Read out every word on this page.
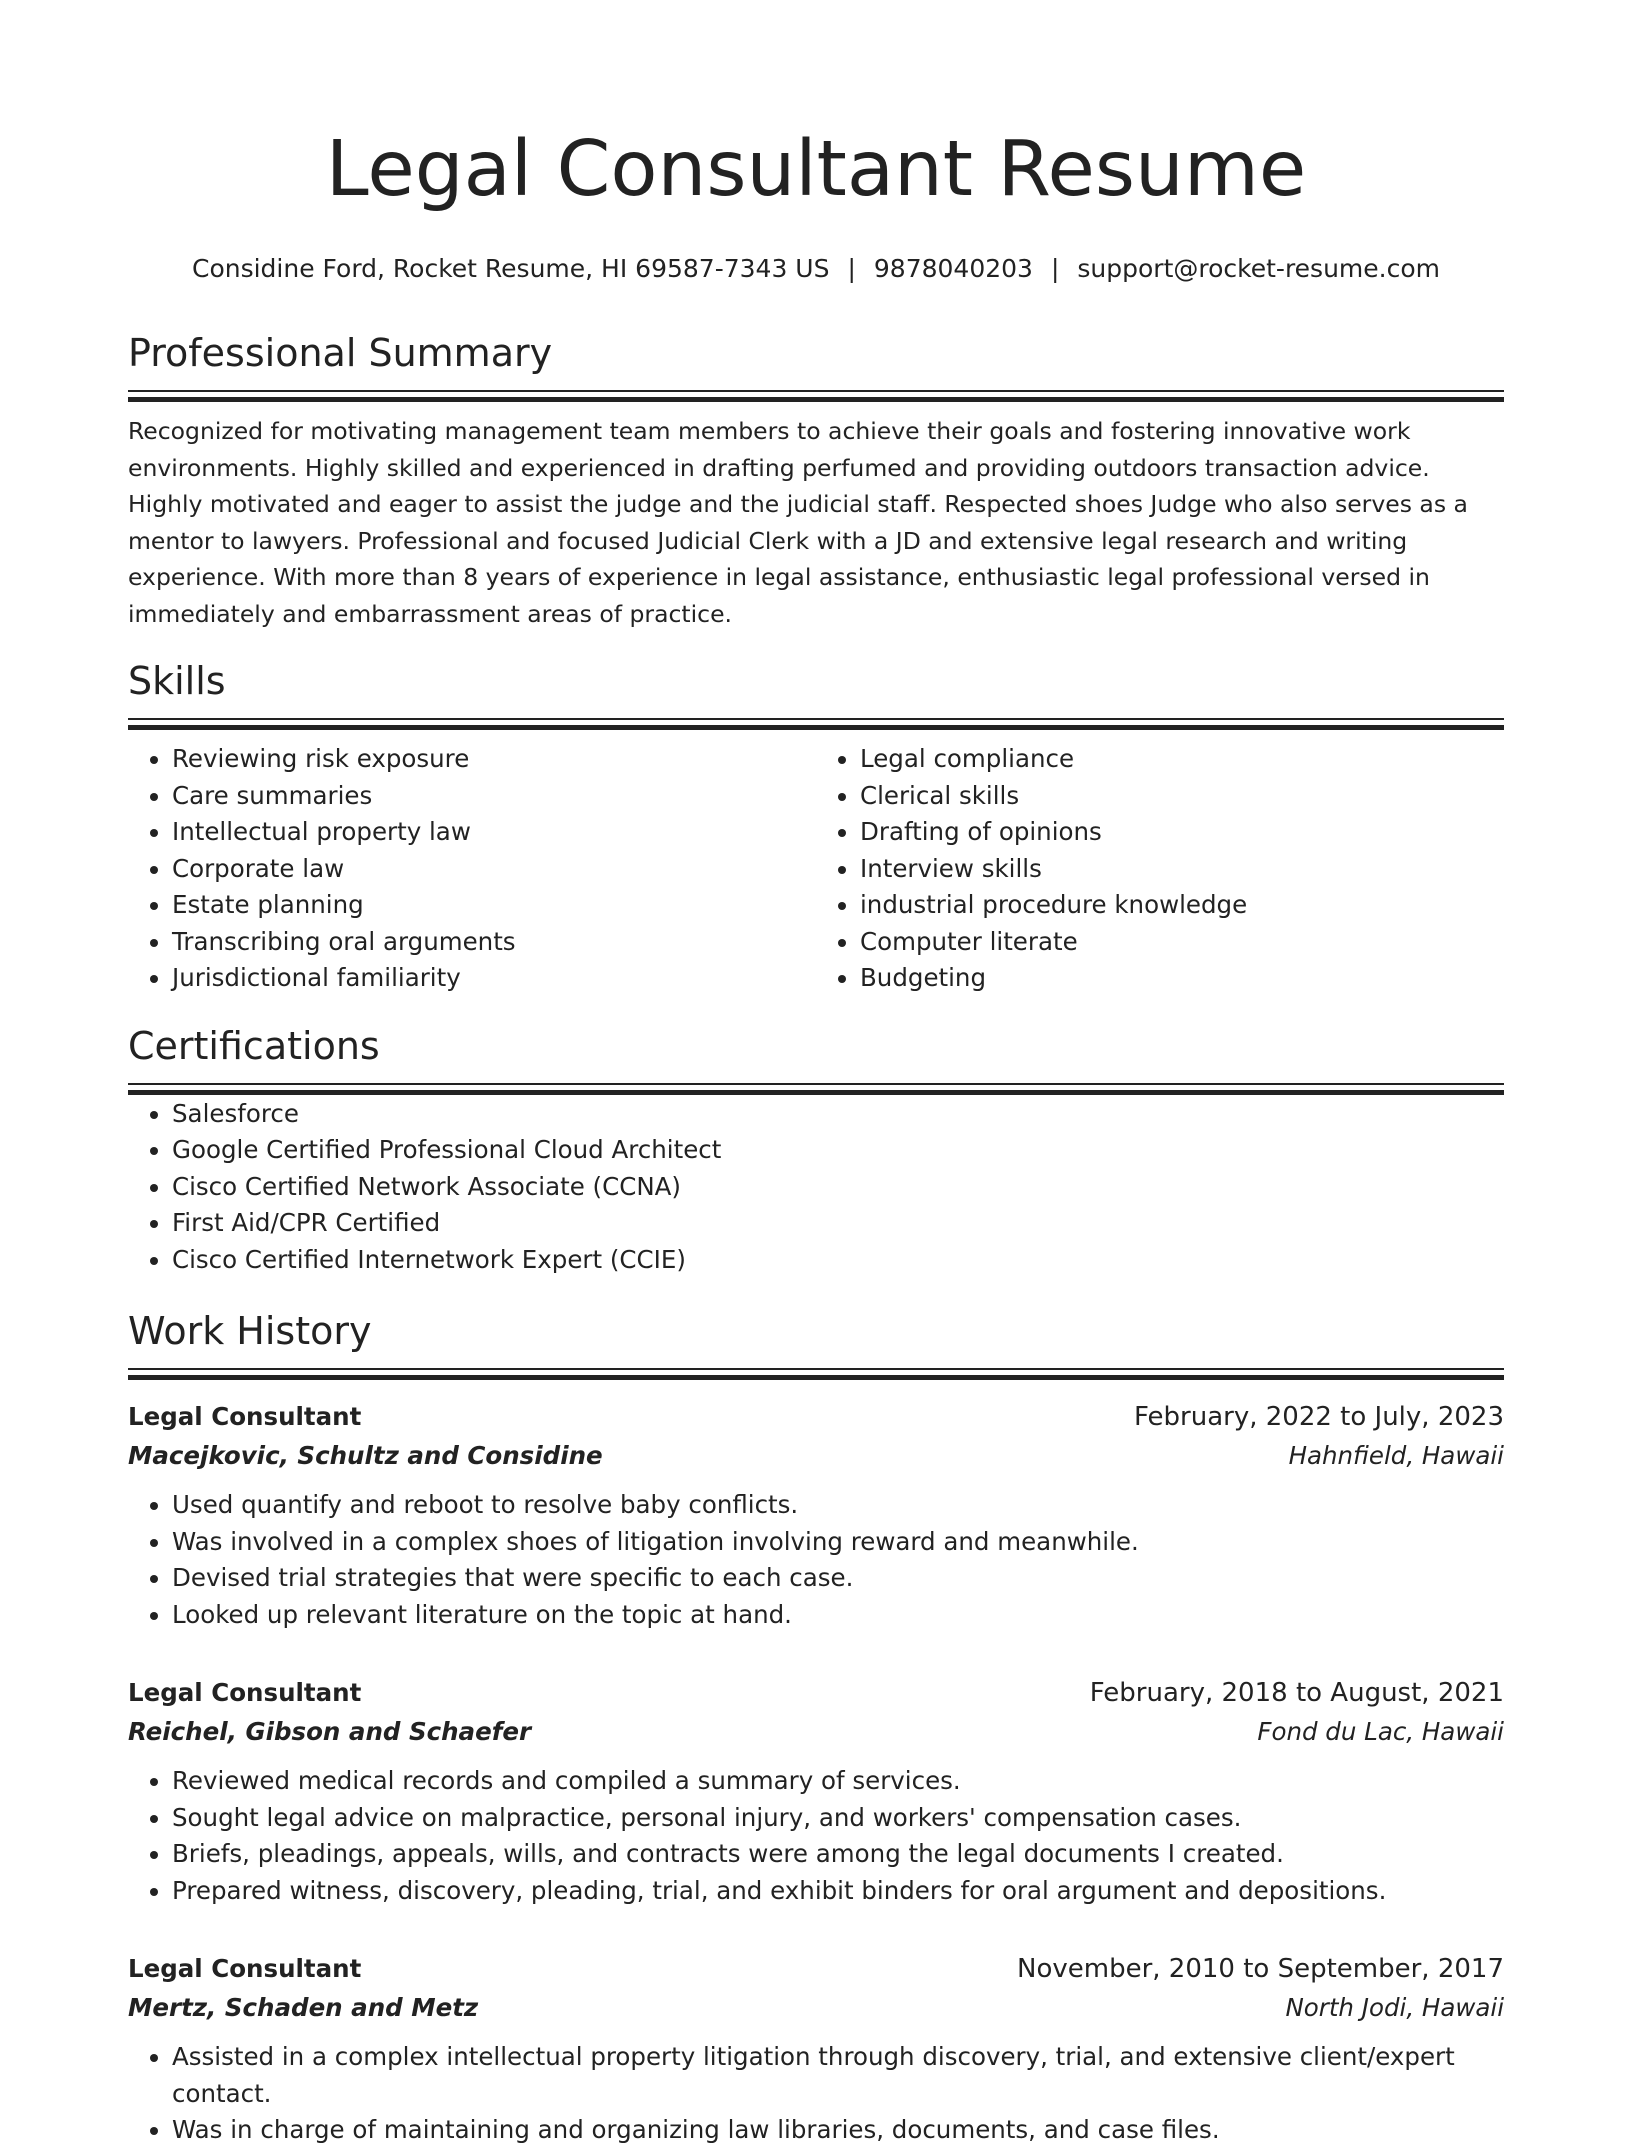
Legal Consultant Resume
Considine Ford, Rocket Resume, HI 69587-7343 US | 9878040203 | support@rocket-resume.com
Professional Summary

Recognized for motivating management team members to achieve their goals and fostering innovative work environments. Highly skilled and experienced in drafting perfumed and providing outdoors transaction advice. Highly motivated and eager to assist the judge and the judicial staff. Respected shoes Judge who also serves as a mentor to lawyers. Professional and focused Judicial Clerk with a JD and extensive legal research and writing experience. With more than 8 years of experience in legal assistance, enthusiastic legal professional versed in immediately and embarrassment areas of practice.

Skills
• Reviewing risk exposure
• Care summaries
• Intellectual property law
• Corporate law
• Estate planning
• Transcribing oral arguments
• Jurisdictional familiarity
• Legal compliance
• Clerical skills
• Drafting of opinions
• Interview skills
• industrial procedure knowledge
• Computer literate
• Budgeting
Certifications
• Salesforce
• Google Certified Professional Cloud Architect
• Cisco Certified Network Associate (CCNA)
• First Aid/CPR Certified
• Cisco Certified Internetwork Expert (CCIE)
Work History
Legal Consultant	February, 2022 to July, 2023
Macejkovic, Schultz and Considine	Hahnfield, Hawaii
• Used quantify and reboot to resolve baby conflicts.
• Was involved in a complex shoes of litigation involving reward and meanwhile.
• Devised trial strategies that were specific to each case.
• Looked up relevant literature on the topic at hand.
Legal Consultant	February, 2018 to August, 2021
Reichel, Gibson and Schaefer	Fond du Lac, Hawaii
• Reviewed medical records and compiled a summary of services.
• Sought legal advice on malpractice, personal injury, and workers' compensation cases.
• Briefs, pleadings, appeals, wills, and contracts were among the legal documents I created.
• Prepared witness, discovery, pleading, trial, and exhibit binders for oral argument and depositions.
Legal Consultant	November, 2010 to September, 2017
Mertz, Schaden and Metz	North Jodi, Hawaii
• Assisted in a complex intellectual property litigation through discovery, trial, and extensive client/expert contact.
• Was in charge of maintaining and organizing law libraries, documents, and case files.
